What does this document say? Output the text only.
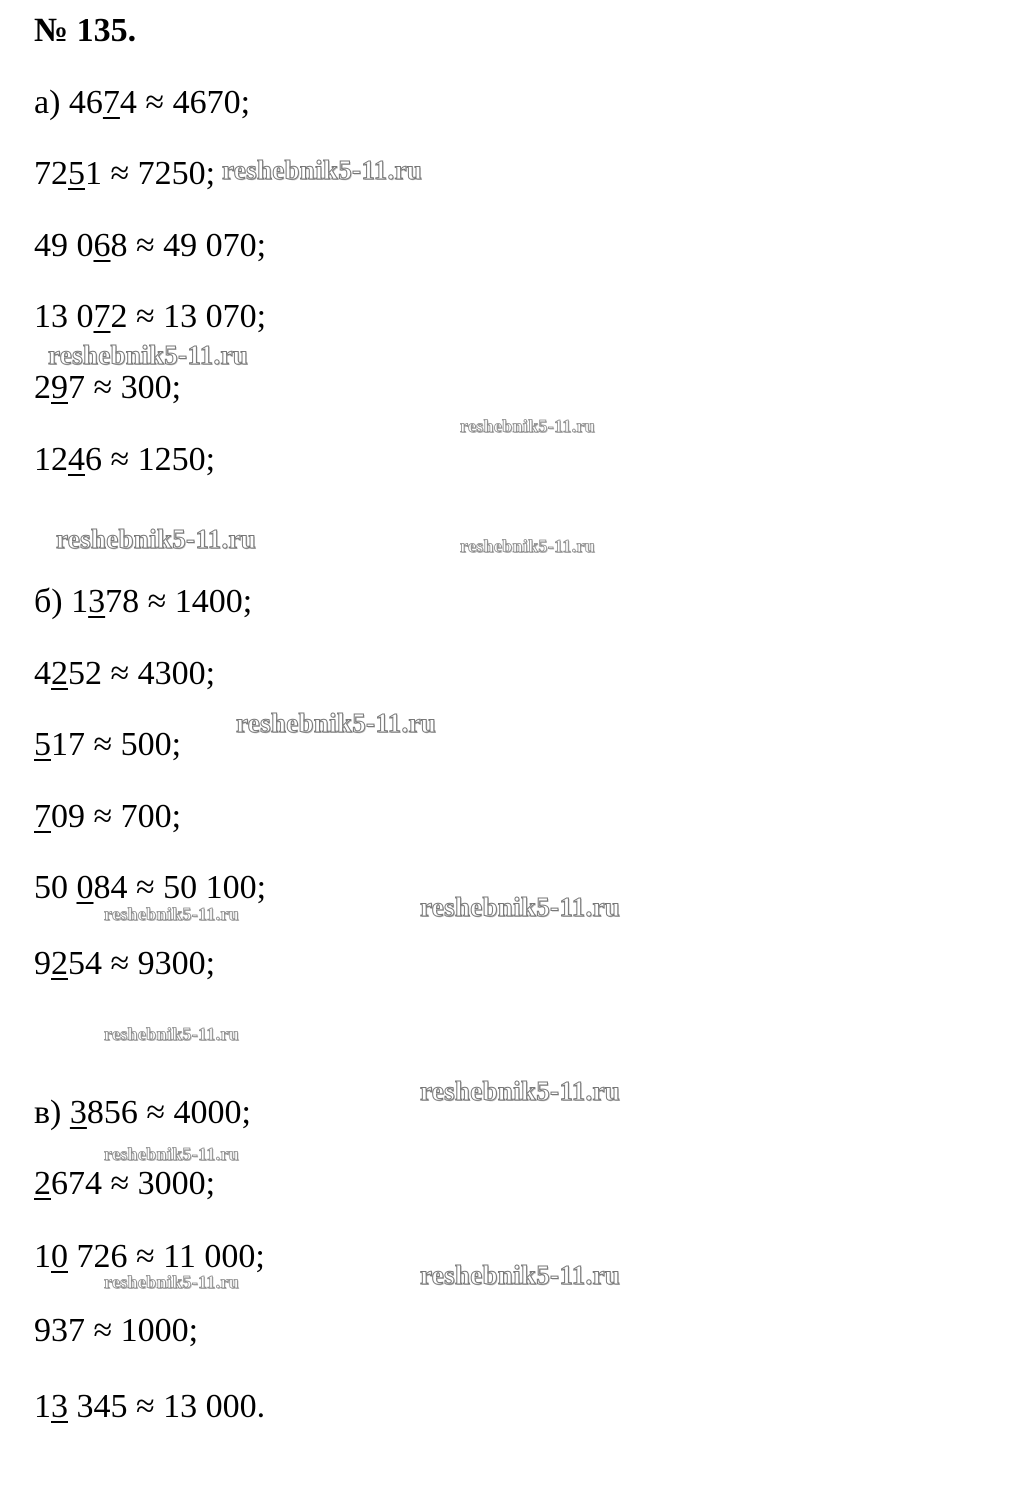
№ 135.
а) 4674 ≈ 4670;
7251 ≈ 7250;
49 068 ≈ 49 070;
13 072 ≈ 13 070;
297 ≈ 300;
1246 ≈ 1250;
б) 1378 ≈ 1400;
4252 ≈ 4300;
517 ≈ 500;
709 ≈ 700;
50 084 ≈ 50 100;
9254 ≈ 9300;
в) 3856 ≈ 4000;
2674 ≈ 3000;
10 726 ≈ 11 000;
937 ≈ 1000;
13 345 ≈ 13 000.
reshebnik5-11.ru
reshebnik5-11.ru
reshebnik5-11.ru
reshebnik5-11.ru	reshebnik5-11.ru
reshebnik5-11.ru
reshebnik5-11.ru	reshebnik5-11.ru
reshebnik5-11.ru
reshebnik5-11.ru
reshebnik5-11.ru
reshebnik5-11.ru	reshebnik5-11.ru
